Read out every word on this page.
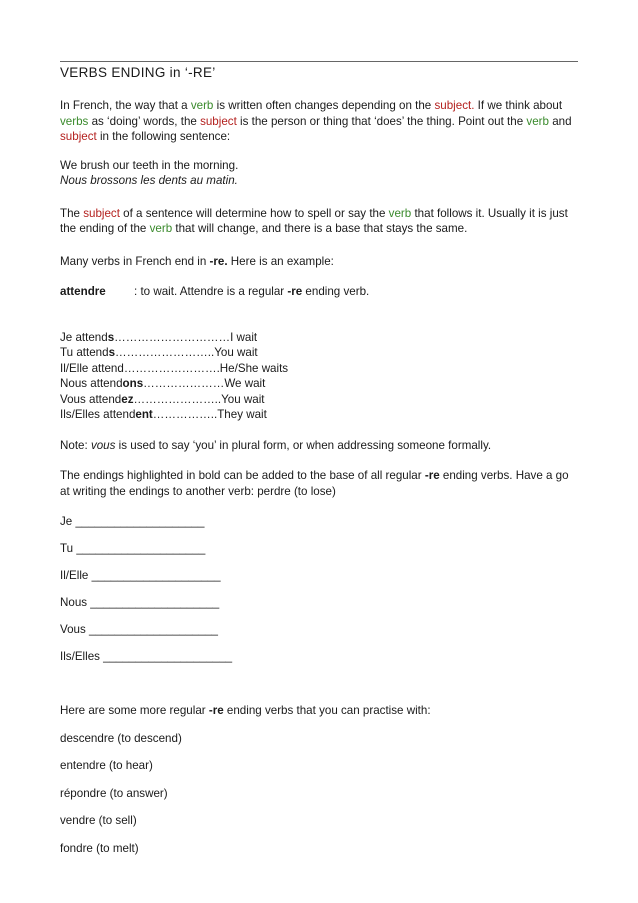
VERBS ENDING in ‘-RE’

In French, the way that a verb is written often changes depending on the subject. If we think about verbs as ‘doing’ words, the subject is the person or thing that ‘does’ the thing. Point out the verb and subject in the following sentence:

We brush our teeth in the morning.
Nous brossons les dents au matin.

The subject of a sentence will determine how to spell or say the verb that follows it. Usually it is just the ending of the verb that will change, and there is a base that stays the same.

Many verbs in French end in -re. Here is an example:

attendre : to wait. Attendre is a regular -re ending verb.

Je attends…………………………I wait
Tu attends……………………..You wait
Il/Elle attend…………………….He/She waits
Nous attendons…………………We wait
Vous attendez…………………..You wait
Ils/Elles attendent……………..They wait

Note: vous is used to say ‘you’ in plural form, or when addressing someone formally.

The endings highlighted in bold can be added to the base of all regular -re ending verbs. Have a go at writing the endings to another verb: perdre (to lose)

Je ____________________
Tu ____________________
Il/Elle ____________________
Nous ____________________
Vous ____________________
Ils/Elles ____________________

Here are some more regular -re ending verbs that you can practise with:

descendre (to descend)
entendre (to hear)
répondre (to answer)
vendre (to sell)
fondre (to melt)
